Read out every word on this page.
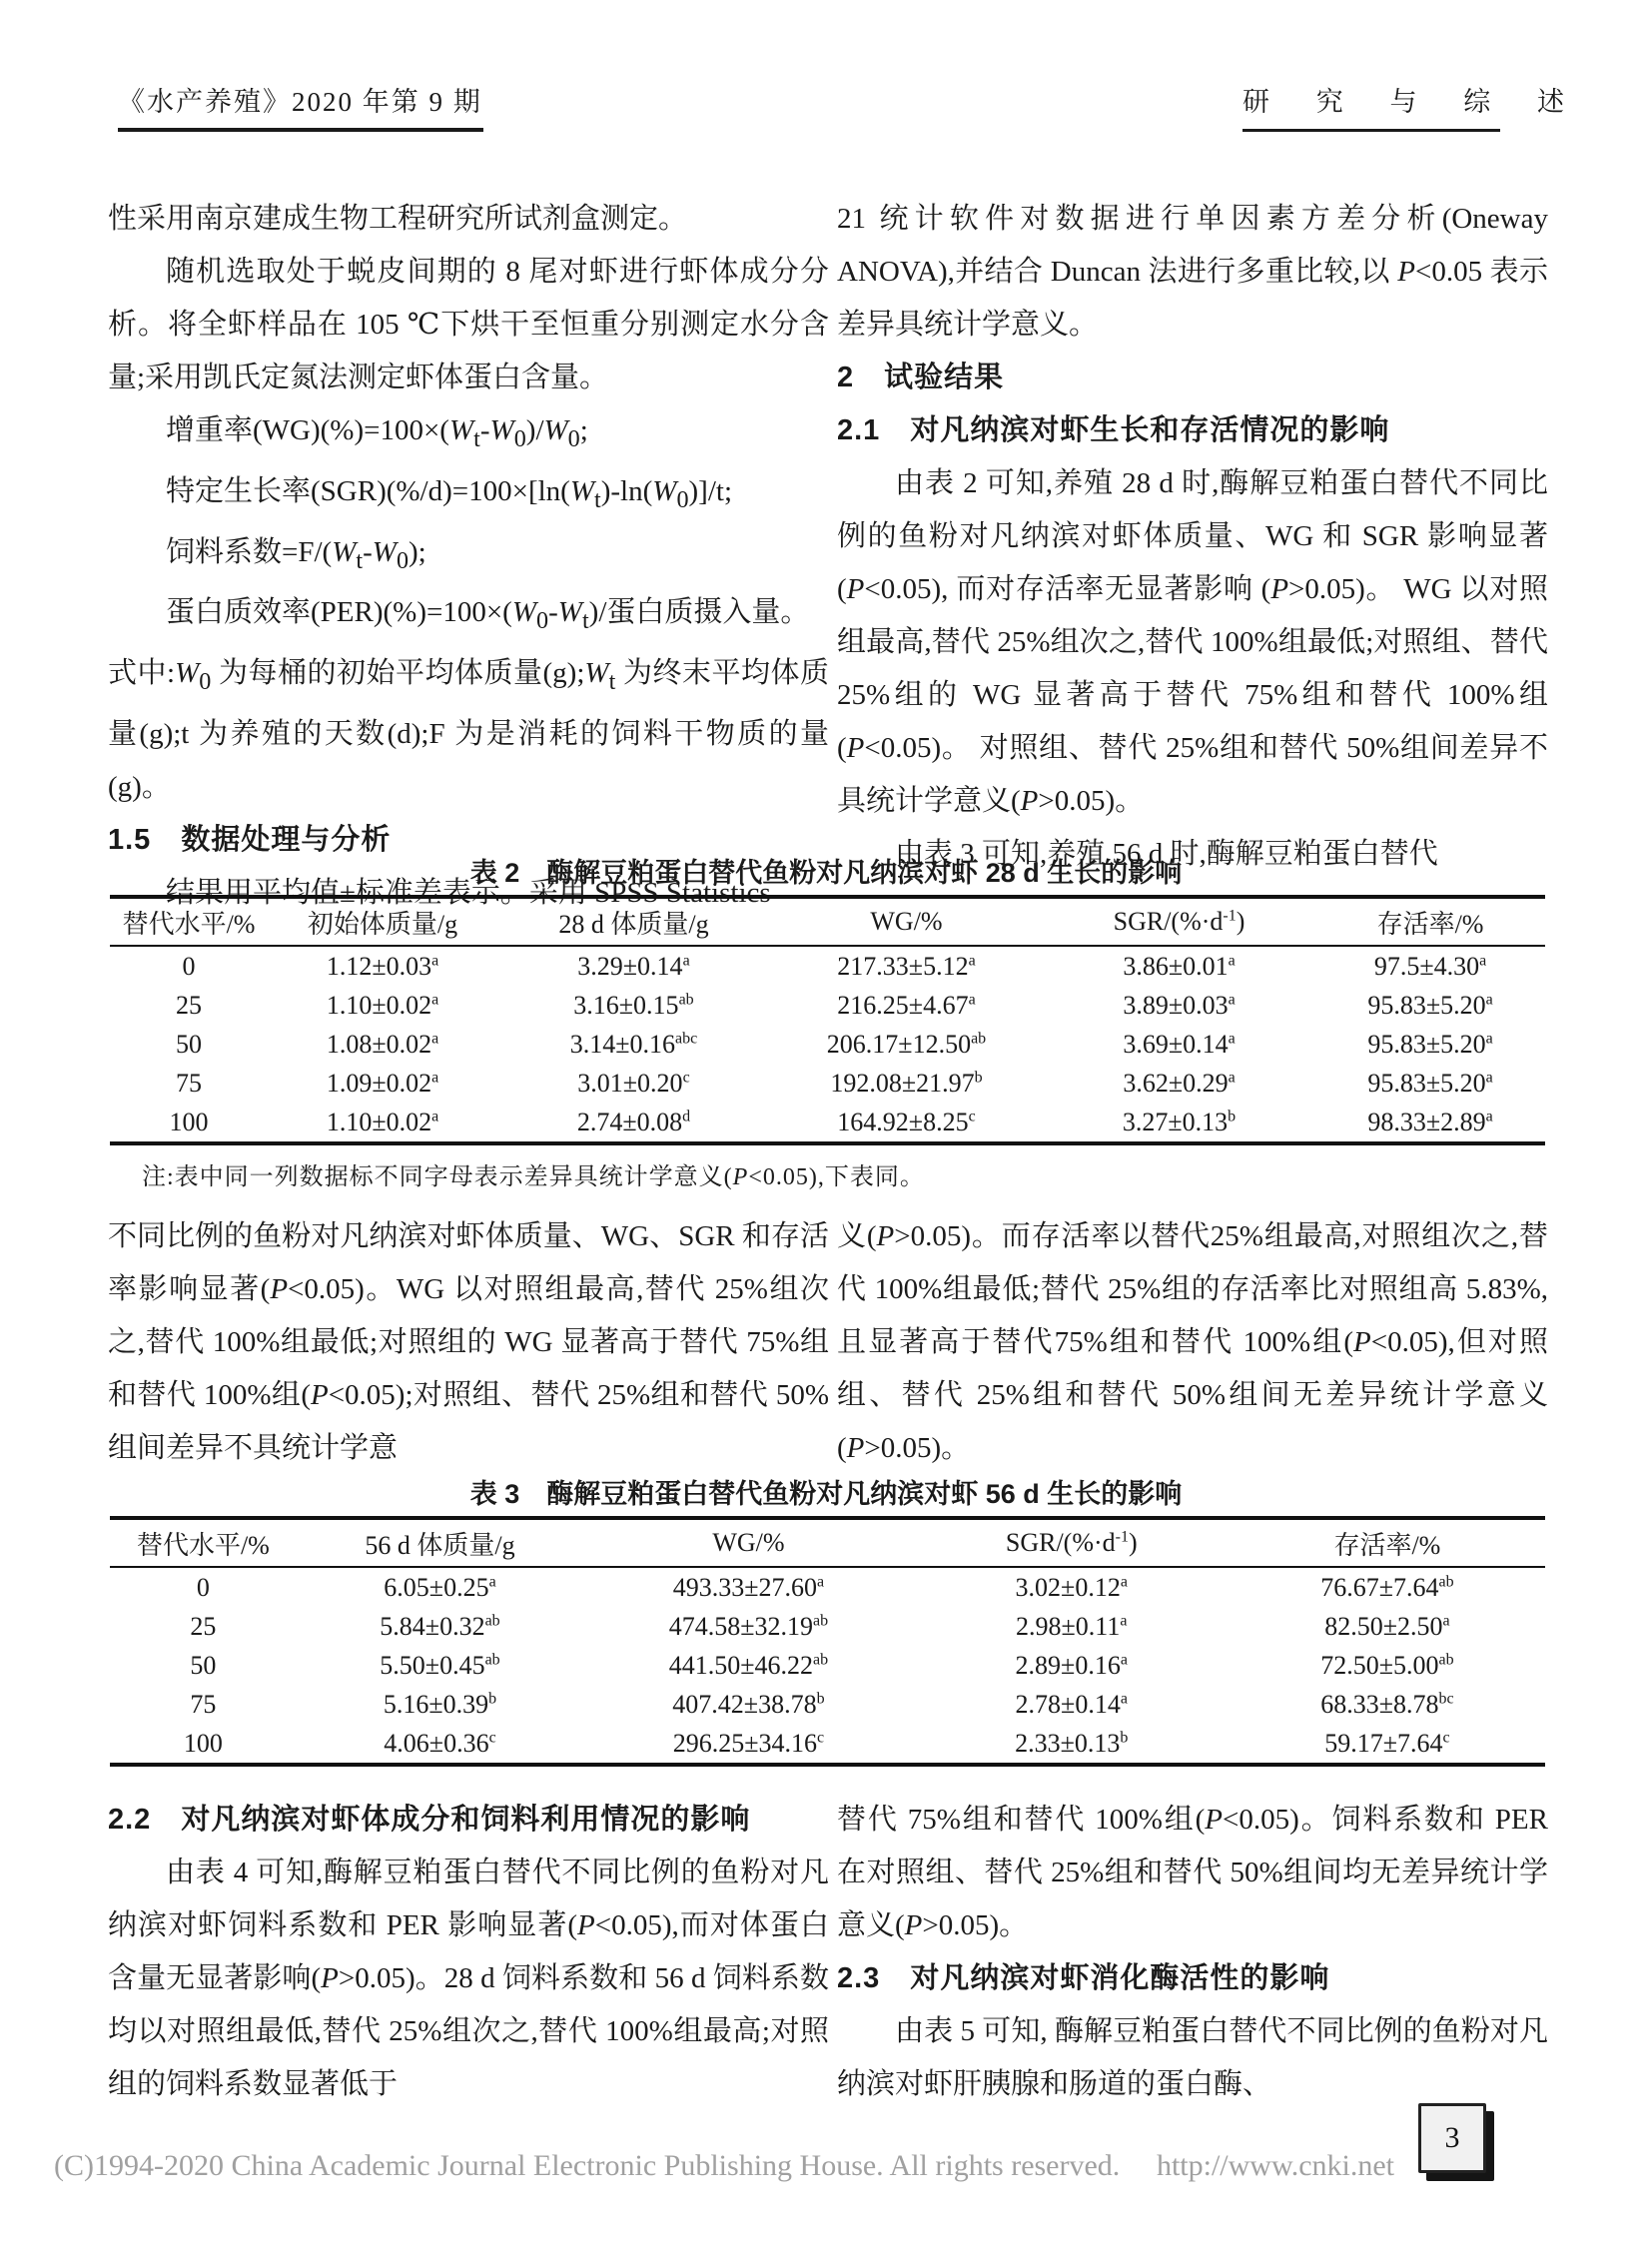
《水产养殖》2020 年第 9 期	研 究 与 综 述

性采用南京建成生物工程研究所试剂盒测定。

随机选取处于蜕皮间期的 8 尾对虾进行虾体成分分析。将全虾样品在 105 ℃下烘干至恒重分别测定水分含量;采用凯氏定氮法测定虾体蛋白含量。

增重率$(WG)(\%)=100\times(W_t-W_0)/W_0$;

特定生长率$(SGR)(\%/d)=100\times[\ln(W_t)-\ln(W_0)]/t$;

饲料系数$=F/(W_t-W_0)$;

蛋白质效率$(PER)(\%)=100\times(W_0-W_t)/$蛋白质摄入量。

式中$:W_0$ 为每桶的初始平均体质量$(g);W_t$ 为终末平均体质量(g);t 为养殖的天数(d);F 为是消耗的饲料干物质的量(g)。

1.5　数据处理与分析

结果用平均值±标准差表示。采用 SPSS Statistics

21 统计软件对数据进行单因素方差分析(Oneway ANOVA),并结合 Duncan 法进行多重比较,以 P<0.05 表示差异具统计学意义。

2　试验结果

2.1　对凡纳滨对虾生长和存活情况的影响

由表 2 可知,养殖 28 d 时,酶解豆粕蛋白替代不同比例的鱼粉对凡纳滨对虾体质量、WG 和 SGR 影响显著 (P<0.05), 而对存活率无显著影响 (P>0.05)。 WG 以对照组最高,替代 25%组次之,替代 100%组最低;对照组、替代 25%组的 WG 显著高于替代 75%组和替代 100%组(P<0.05)。 对照组、替代 25%组和替代 50%组间差异不具统计学意义(P>0.05)。

由表 3 可知,养殖 56 d 时,酶解豆粕蛋白替代

表 2　酶解豆粕蛋白替代鱼粉对凡纳滨对虾 28 d 生长的影响
替代水平/%	初始体质量/g	28 d 体质量/g	WG/%	SGR/$(\%\cdot d^{-1})$	存活率/%
0	1.12±0.03$^a$	3.29±0.14$^a$	217.33±5.12$^a$	3.86±0.01$^a$	97.5±4.30$^a$
25	1.10±0.02$^a$	3.16±0.15$^{ab}$	216.25±4.67$^a$	3.89±0.03$^a$	95.83±5.20$^a$
50	1.08±0.02$^a$	3.14±0.16$^{abc}$	206.17±12.50$^{ab}$	3.69±0.14$^a$	95.83±5.20$^a$
75	1.09±0.02$^a$	3.01±0.20$^c$	192.08±21.97$^b$	3.62±0.29$^a$	95.83±5.20$^a$
100	1.10±0.02$^a$	2.74±0.08$^d$	164.92±8.25$^c$	3.27±0.13$^b$	98.33±2.89$^a$
注:表中同一列数据标不同字母表示差异具统计学意义(P<0.05),下表同。

不同比例的鱼粉对凡纳滨对虾体质量、WG、SGR 和存活率影响显著(P<0.05)。WG 以对照组最高,替代 25%组次之,替代 100%组最低;对照组的 WG 显著高于替代 75%组和替代 100%组(P<0.05);对照组、替代 25%组和替代 50%组间差异不具统计学意

义(P>0.05)。而存活率以替代25%组最高,对照组次之,替代 100%组最低;替代 25%组的存活率比对照组高 5.83%,且显著高于替代75%组和替代 100%组(P<0.05),但对照组、替代 25%组和替代 50%组间无差异统计学意义(P>0.05)。

表 3　酶解豆粕蛋白替代鱼粉对凡纳滨对虾 56 d 生长的影响
替代水平/%	56 d 体质量/g	WG/%	SGR/$(\%\cdot d^{-1})$	存活率/%
0	6.05±0.25$^a$	493.33±27.60$^a$	3.02±0.12$^a$	76.67±7.64$^{ab}$
25	5.84±0.32$^{ab}$	474.58±32.19$^{ab}$	2.98±0.11$^a$	82.50±2.50$^a$
50	5.50±0.45$^{ab}$	441.50±46.22$^{ab}$	2.89±0.16$^a$	72.50±5.00$^{ab}$
75	5.16±0.39$^b$	407.42±38.78$^b$	2.78±0.14$^a$	68.33±8.78$^{bc}$
100	4.06±0.36$^c$	296.25±34.16$^c$	2.33±0.13$^b$	59.17±7.64$^c$

2.2　对凡纳滨对虾体成分和饲料利用情况的影响

由表 4 可知,酶解豆粕蛋白替代不同比例的鱼粉对凡纳滨对虾饲料系数和 PER 影响显著(P<0.05),而对体蛋白含量无显著影响(P>0.05)。28 d 饲料系数和 56 d 饲料系数均以对照组最低,替代 25%组次之,替代 100%组最高;对照组的饲料系数显著低于

替代 75%组和替代 100%组(P<0.05)。饲料系数和 PER 在对照组、替代 25%组和替代 50%组间均无差异统计学意义(P>0.05)。

2.3　对凡纳滨对虾消化酶活性的影响

由表 5 可知, 酶解豆粕蛋白替代不同比例的鱼粉对凡纳滨对虾肝胰腺和肠道的蛋白酶、

(C)1994-2020 China Academic Journal Electronic Publishing House. All rights reserved. http://www.cnki.net
3
